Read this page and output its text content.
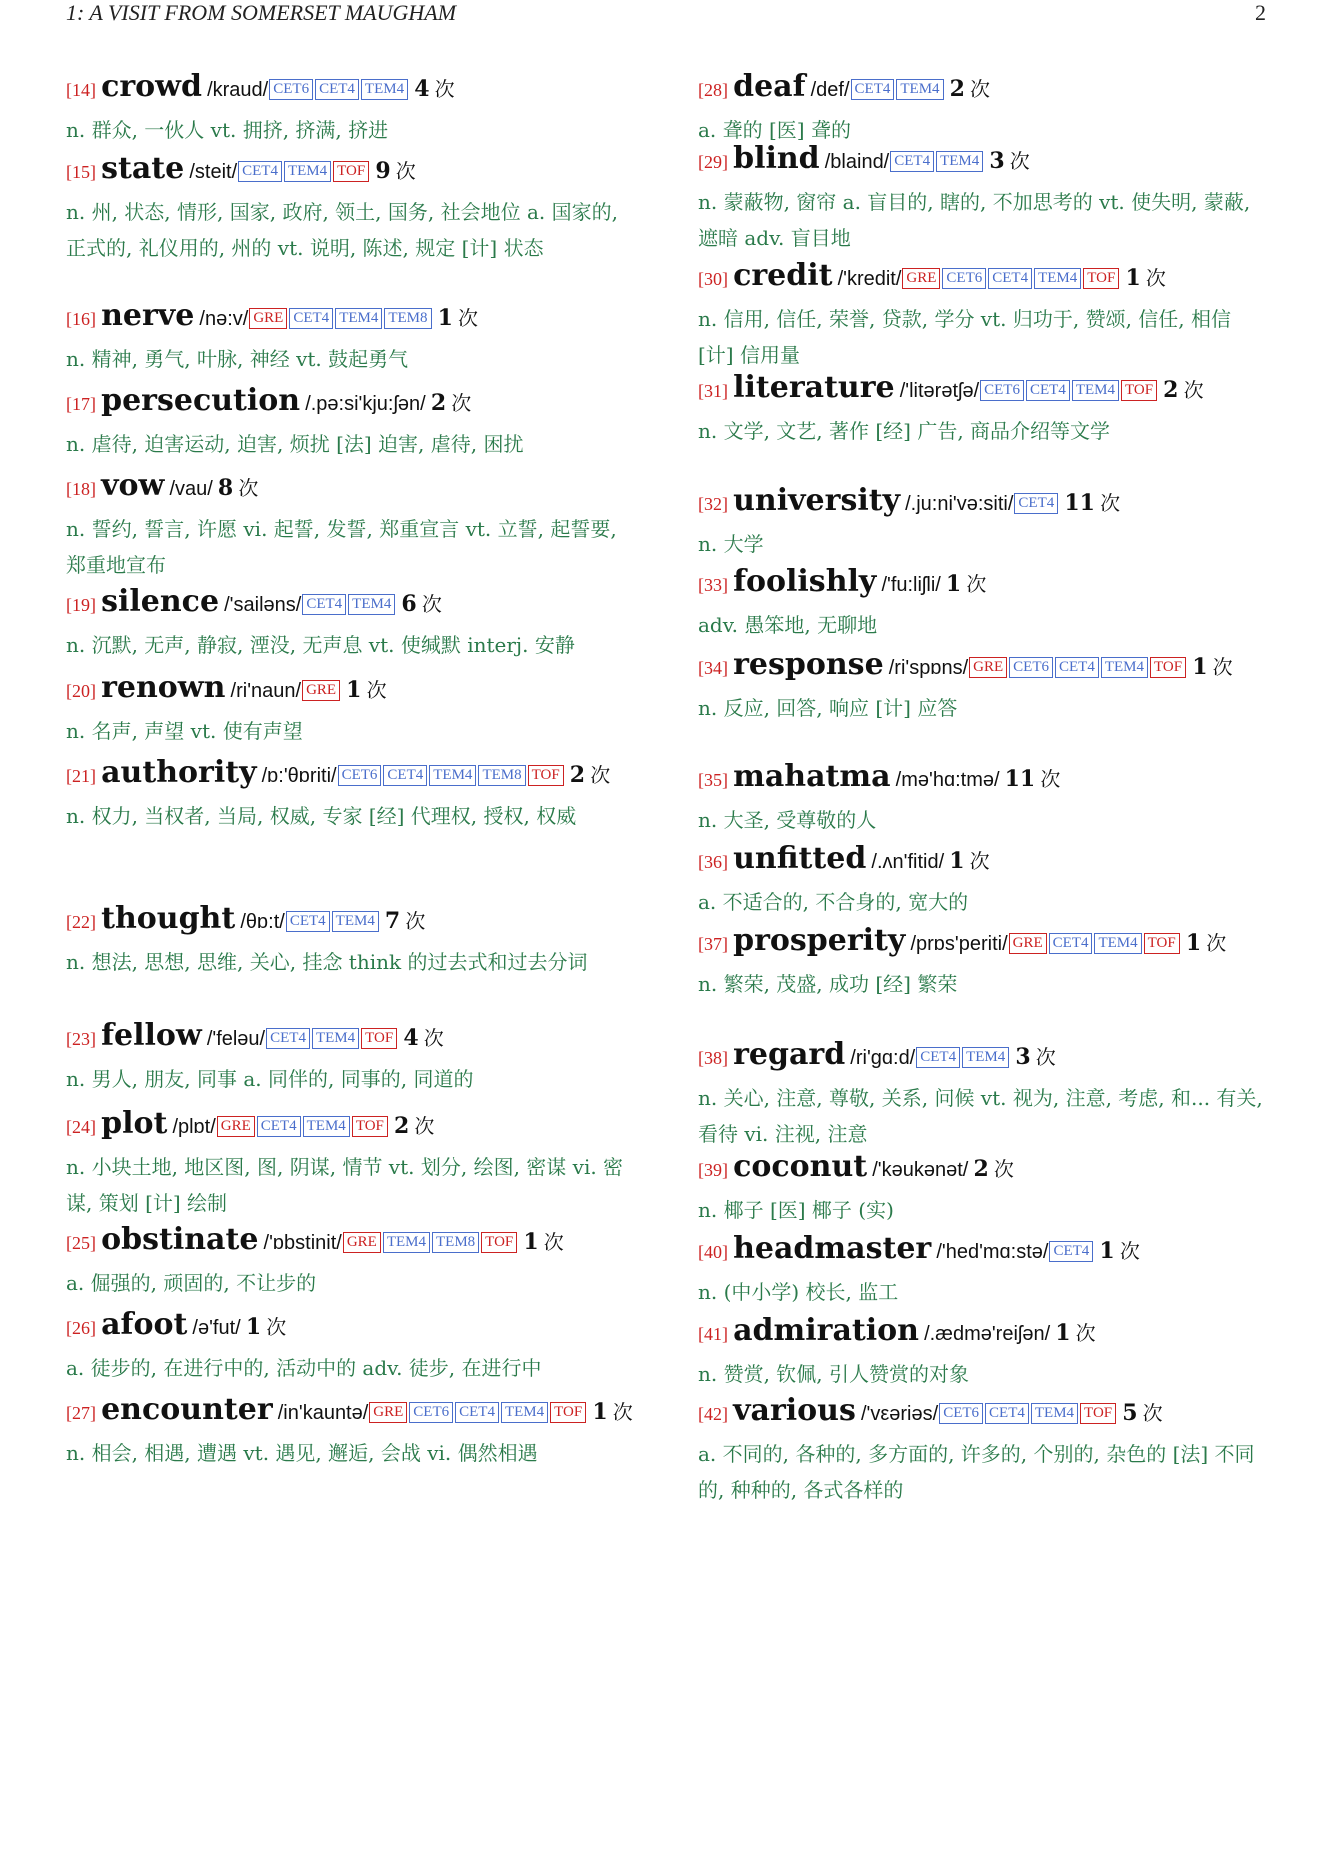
1: A VISIT FROM SOMERSET MAUGHAM	2
[14] crowd /kraud/ CET6 CET4 TEM4 4 次
n. 群众, 一伙人 vt. 拥挤, 挤满, 挤进
[15] state /steit/ CET4 TEM4 TOF 9 次
n. 州, 状态, 情形, 国家, 政府, 领土, 国务, 社会地位 a. 国家的, 正式的, 礼仪用的, 州的 vt. 说明, 陈述, 规定 [计] 状态
[16] nerve /nə:v/ GRE CET4 TEM4 TEM8 1 次
n. 精神, 勇气, 叶脉, 神经 vt. 鼓起勇气
[17] persecution /.pə:si'kju:ʃən/ 2 次
n. 虐待, 迫害运动, 迫害, 烦扰 [法] 迫害, 虐待, 困扰
[18] vow /vau/ 8 次
n. 誓约, 誓言, 许愿 vi. 起誓, 发誓, 郑重宣言 vt. 立誓, 起誓要, 郑重地宣布
[19] silence /'sailəns/ CET4 TEM4 6 次
n. 沉默, 无声, 静寂, 湮没, 无声息 vt. 使缄默 interj. 安静
[20] renown /ri'naun/ GRE 1 次
n. 名声, 声望 vt. 使有声望
[21] authority /ɒ:'θɒriti/ CET6 CET4 TEM4 TEM8 TOF 2 次
n. 权力, 当权者, 当局, 权威, 专家 [经] 代理权, 授权, 权威
[22] thought /θɒ:t/ CET4 TEM4 7 次
n. 想法, 思想, 思维, 关心, 挂念 think 的过去式和过去分词
[23] fellow /'feləu/ CET4 TEM4 TOF 4 次
n. 男人, 朋友, 同事 a. 同伴的, 同事的, 同道的
[24] plot /plɒt/ GRE CET4 TEM4 TOF 2 次
n. 小块土地, 地区图, 图, 阴谋, 情节 vt. 划分, 绘图, 密谋 vi. 密谋, 策划 [计] 绘制
[25] obstinate /'ɒbstinit/ GRE TEM4 TEM8 TOF 1 次
a. 倔强的, 顽固的, 不让步的
[26] afoot /ə'fut/ 1 次
a. 徒步的, 在进行中的, 活动中的 adv. 徒步, 在进行中
[27] encounter /in'kauntə/ GRE CET6 CET4 TEM4 TOF 1 次
n. 相会, 相遇, 遭遇 vt. 遇见, 邂逅, 会战 vi. 偶然相遇
[28] deaf /def/ CET4 TEM4 2 次
a. 聋的 [医] 聋的
[29] blind /blaind/ CET4 TEM4 3 次
n. 蒙蔽物, 窗帘 a. 盲目的, 瞎的, 不加思考的 vt. 使失明, 蒙蔽, 遮暗 adv. 盲目地
[30] credit /'kredit/ GRE CET6 CET4 TEM4 TOF 1 次
n. 信用, 信任, 荣誉, 贷款, 学分 vt. 归功于, 赞颂, 信任, 相信 [计] 信用量
[31] literature /'litərətʃə/ CET6 CET4 TEM4 TOF 2 次
n. 文学, 文艺, 著作 [经] 广告, 商品介绍等文学
[32] university /.ju:ni'və:siti/ CET4 11 次
n. 大学
[33] foolishly /'fu:liʃli/ 1 次
adv. 愚笨地, 无聊地
[34] response /ri'spɒns/ GRE CET6 CET4 TEM4 TOF 1 次
n. 反应, 回答, 响应 [计] 应答
[35] mahatma /mə'hɑ:tmə/ 11 次
n. 大圣, 受尊敬的人
[36] unfitted /.ʌn'fitid/ 1 次
a. 不适合的, 不合身的, 宽大的
[37] prosperity /prɒs'periti/ GRE CET4 TEM4 TOF 1 次
n. 繁荣, 茂盛, 成功 [经] 繁荣
[38] regard /ri'gɑ:d/ CET4 TEM4 3 次
n. 关心, 注意, 尊敬, 关系, 问候 vt. 视为, 注意, 考虑, 和... 有关, 看待 vi. 注视, 注意
[39] coconut /'kəukənət/ 2 次
n. 椰子 [医] 椰子 (实)
[40] headmaster /'hed'mɑ:stə/ CET4 1 次
n. (中小学) 校长, 监工
[41] admiration /.ædmə'reiʃən/ 1 次
n. 赞赏, 钦佩, 引人赞赏的对象
[42] various /'vεəriəs/ CET6 CET4 TEM4 TOF 5 次
a. 不同的, 各种的, 多方面的, 许多的, 个别的, 杂色的 [法] 不同的, 种种的, 各式各样的
